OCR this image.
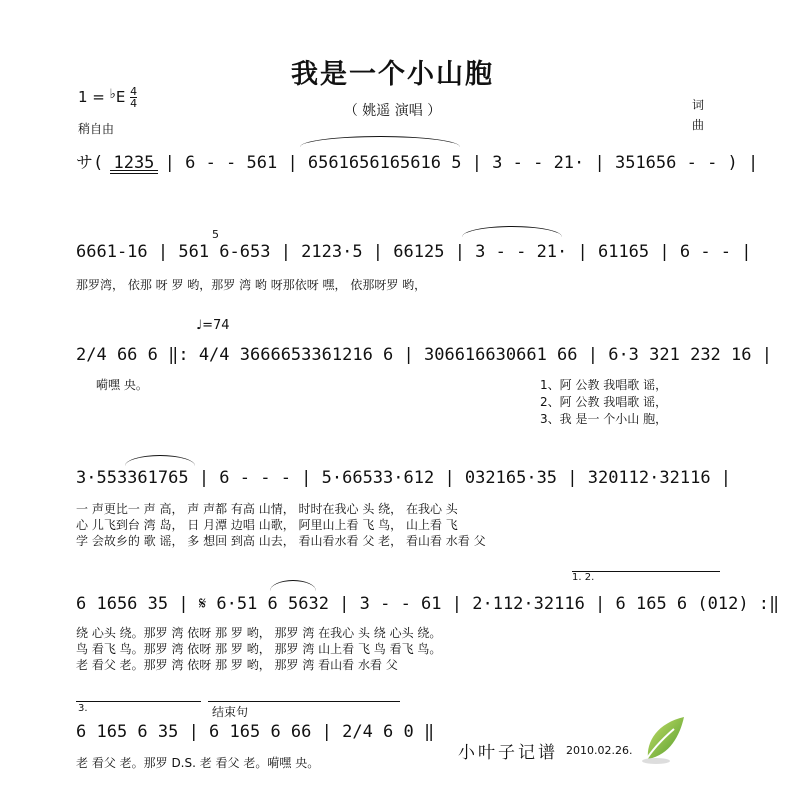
我是一个小山胞
（ 姚遥 演唱 ）
1 = ♭E $\frac{4}{4}$
稍自由
词
曲
サ( 1235 | 6 - - 561 | 6561656165616 5 | 3 - - 21· | 351656 - - ) |
6661-16 | 561 6-653 | 2123·5 | 66125 | 3 - - 21· | 61165 | 6 - - |
那罗湾， 依那 呀 罗 哟，那罗 湾 哟 呀那依呀 嘿， 依那呀罗 哟，
5
♩=74
2/4 66 6 ‖: 4/4 3666653361216 6 | 306616630661 66 | 6·3 321 232 16 |
嗬嘿 央。	1、阿 公教 我唱歌 谣，
2、阿 公教 我唱歌 谣，
3、我 是一 个小山 胞，
3·553361765 | 6 - - - | 5·66533·612 | 032165·35 | 320112·32116 |
一 声更比一 声 高， 声 声都 有高 山情， 时时在我心 头 绕， 在我心 头
心 儿飞到台 湾 岛， 日 月潭 边唱 山歌， 阿里山上看 飞 鸟， 山上看 飞
学 会故乡的 歌 谣， 多 想回 到高 山去， 看山看水看 父 老， 看山看 水看 父
1. 2.
6 1656 35 | 𝄋 6·51 6 5632 | 3 - - 61 | 2·112·32116 | 6 165 6 (012) :‖
绕 心头 绕。那罗 湾 依呀 那 罗 哟， 那罗 湾 在我心 头 绕 心头 绕。
鸟 看飞 鸟。那罗 湾 依呀 那 罗 哟， 那罗 湾 山上看 飞 鸟 看飞 鸟。
老 看父 老。那罗 湾 依呀 那 罗 哟， 那罗 湾 看山看 水看 父
3.	结束句
6 165 6 35 | 6 165 6 66 | 2/4 6 0 ‖
老 看父 老。那罗 D.S. 老 看父 老。嗬嘿 央。	小叶子记谱 2010.02.26.
